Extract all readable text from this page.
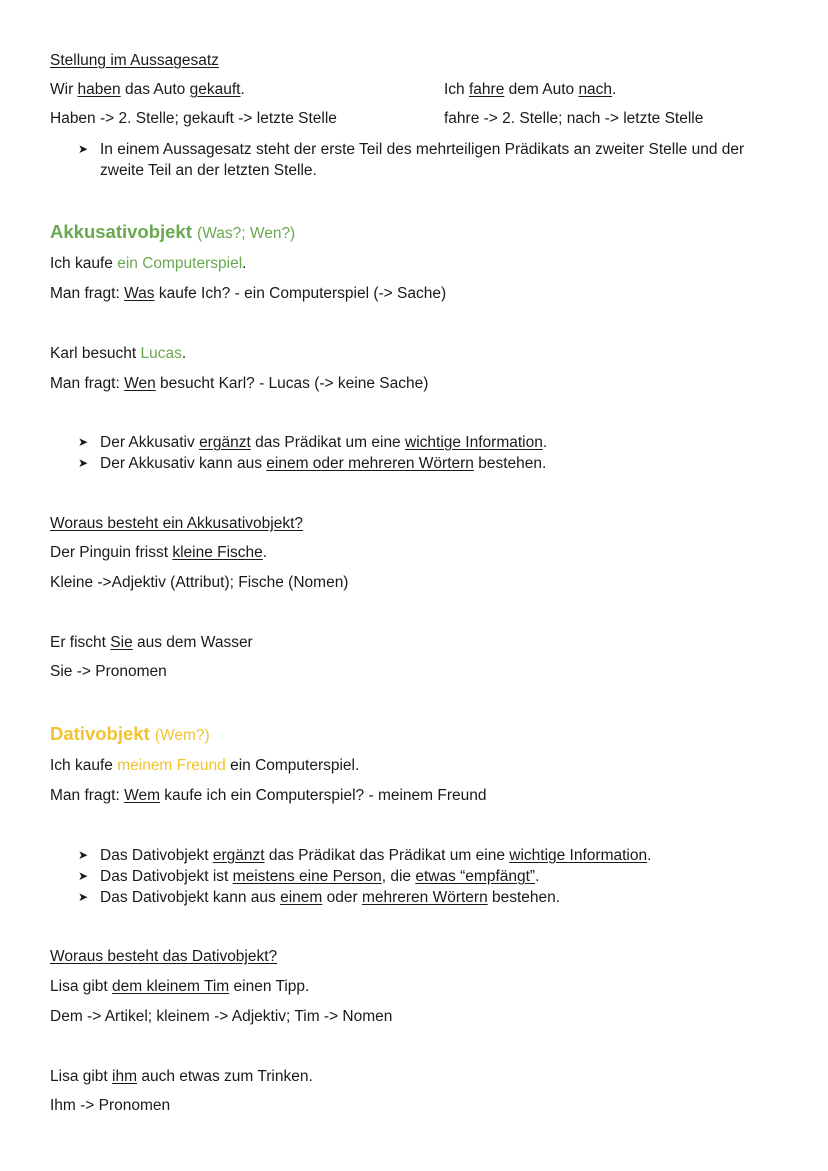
Stellung im Aussagesatz
Wir haben das Auto gekauft.	Ich fahre dem Auto nach.
Haben -> 2. Stelle; gekauft -> letzte Stelle	fahre -> 2. Stelle; nach -> letzte Stelle
➤ In einem Aussagesatz steht der erste Teil des mehrteiligen Prädikats an zweiter Stelle und der zweite Teil an der letzten Stelle.
Akkusativobjekt (Was?; Wen?)
Ich kaufe ein Computerspiel.
Man fragt: Was kaufe Ich? - ein Computerspiel (-> Sache)
Karl besucht Lucas.
Man fragt: Wen besucht Karl? - Lucas (-> keine Sache)
➤ Der Akkusativ ergänzt das Prädikat um eine wichtige Information.
➤ Der Akkusativ kann aus einem oder mehreren Wörtern bestehen.
Woraus besteht ein Akkusativobjekt?
Der Pinguin frisst kleine Fische.
Kleine ->Adjektiv (Attribut); Fische (Nomen)
Er fischt Sie aus dem Wasser
Sie -> Pronomen
Dativobjekt (Wem?)
Ich kaufe meinem Freund ein Computerspiel.
Man fragt: Wem kaufe ich ein Computerspiel? - meinem Freund
➤ Das Dativobjekt ergänzt das Prädikat das Prädikat um eine wichtige Information.
➤ Das Dativobjekt ist meistens eine Person, die etwas “empfängt”.
➤ Das Dativobjekt kann aus einem oder mehreren Wörtern bestehen.
Woraus besteht das Dativobjekt?
Lisa gibt dem kleinem Tim einen Tipp.
Dem -> Artikel; kleinem -> Adjektiv; Tim -> Nomen
Lisa gibt ihm auch etwas zum Trinken.
Ihm -> Pronomen
